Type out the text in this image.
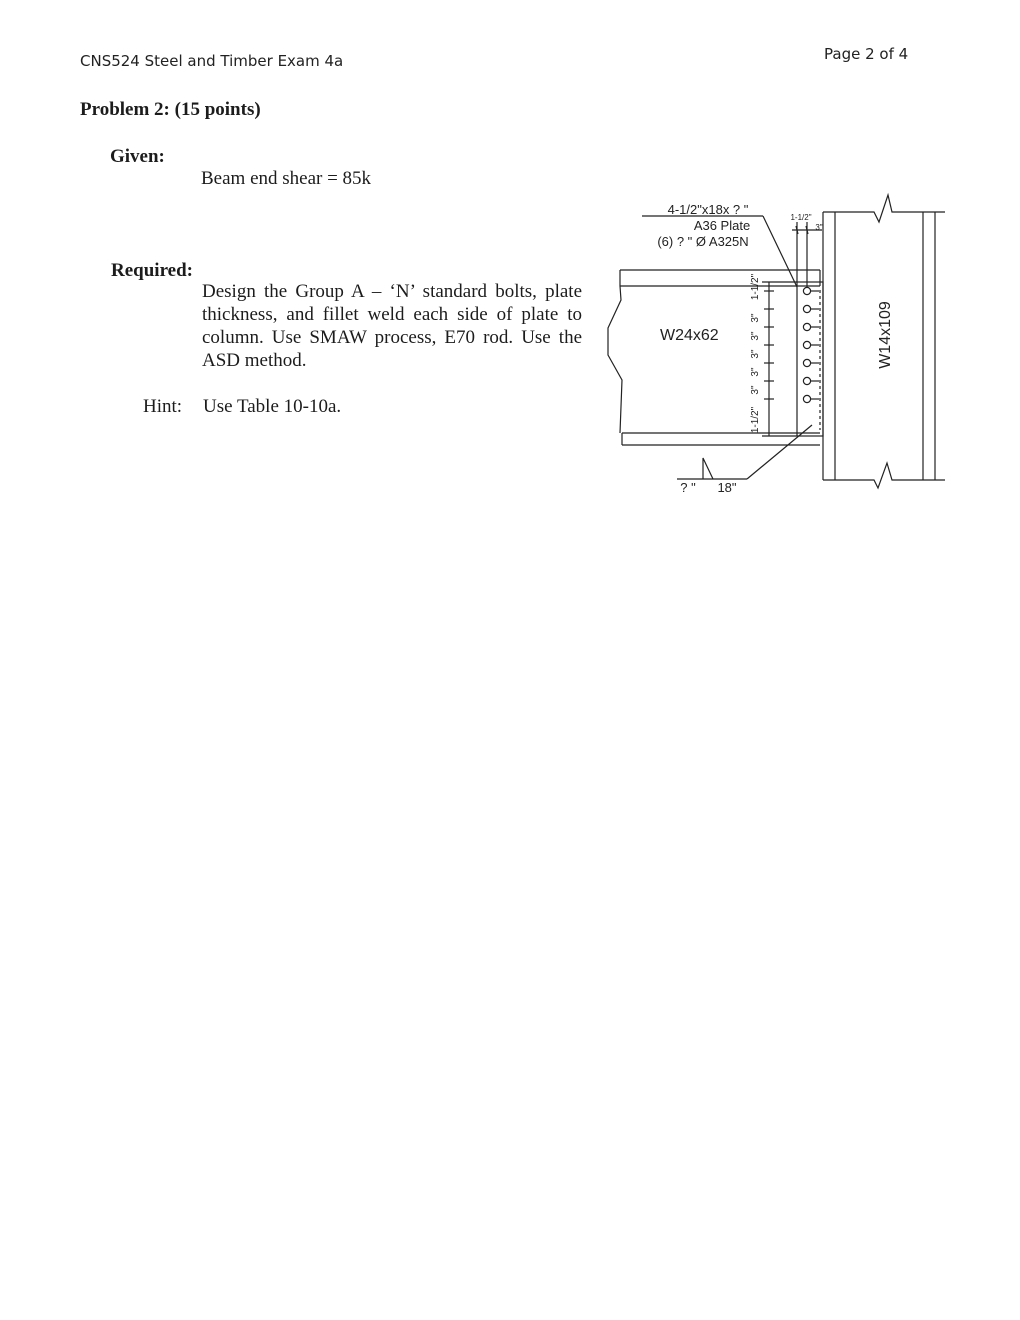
CNS524 Steel and Timber Exam 4a	Page 2 of 4
Problem 2: (15 points)
Given:
Beam end shear = 85k
Required:
Design the Group A – ‘N’ standard bolts, plate thickness, and fillet weld each side of plate to column. Use SMAW process, E70 rod. Use the ASD method.
Hint: Use Table 10-10a.
4-1/2"x18x ? "
A36 Plate
(6) ? " Ø A325N
W24x62	W14x109
1-1/2"
3"
1-1/2"
3"
3"
3"
3"
3"
1-1/2"
? " 18"
